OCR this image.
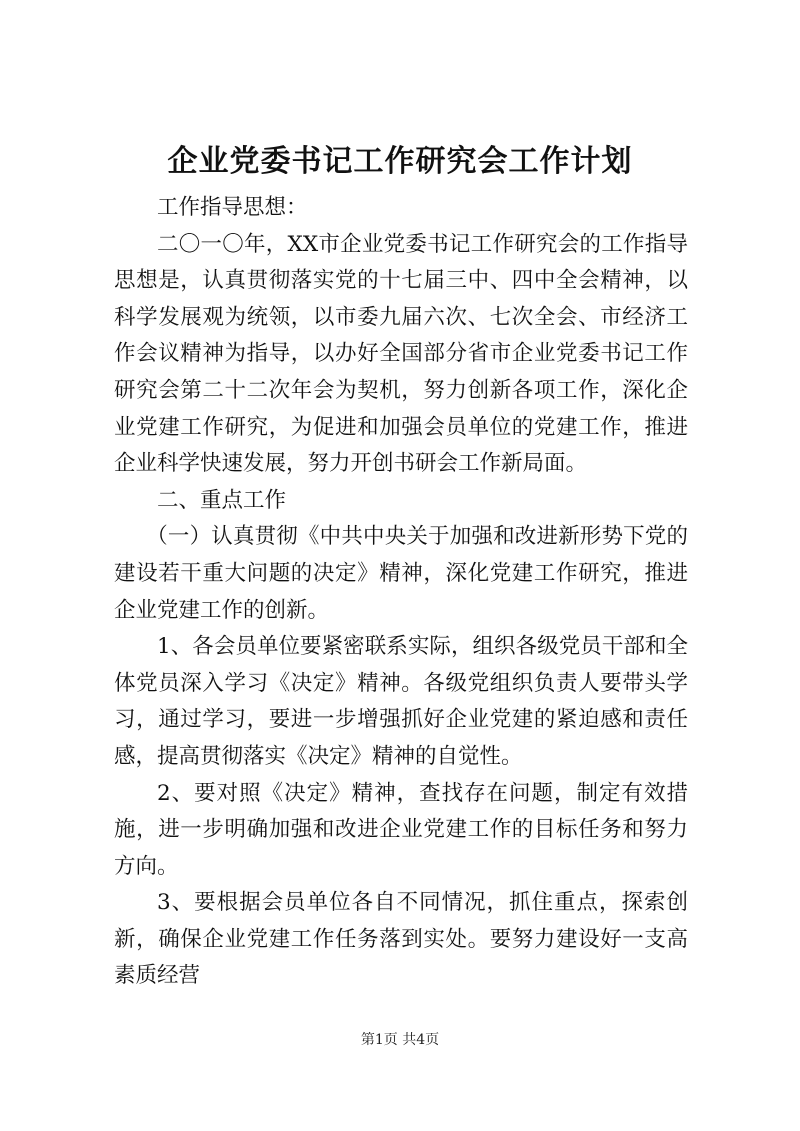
企业党委书记工作研究会工作计划

工作指导思想：

二〇一〇年，XX市企业党委书记工作研究会的工作指导思想是，认真贯彻落实党的十七届三中、四中全会精神，以科学发展观为统领，以市委九届六次、七次全会、市经济工作会议精神为指导，以办好全国部分省市企业党委书记工作研究会第二十二次年会为契机，努力创新各项工作，深化企业党建工作研究，为促进和加强会员单位的党建工作，推进企业科学快速发展，努力开创书研会工作新局面。

二、重点工作

（一）认真贯彻《中共中央关于加强和改进新形势下党的建设若干重大问题的决定》精神，深化党建工作研究，推进企业党建工作的创新。

1、各会员单位要紧密联系实际，组织各级党员干部和全体党员深入学习《决定》精神。各级党组织负责人要带头学习，通过学习，要进一步增强抓好企业党建的紧迫感和责任感，提高贯彻落实《决定》精神的自觉性。

2、要对照《决定》精神，查找存在问题，制定有效措施，进一步明确加强和改进企业党建工作的目标任务和努力方向。

3、要根据会员单位各自不同情况，抓住重点，探索创新，确保企业党建工作任务落到实处。要努力建设好一支高素质经营

第1页 共4页
